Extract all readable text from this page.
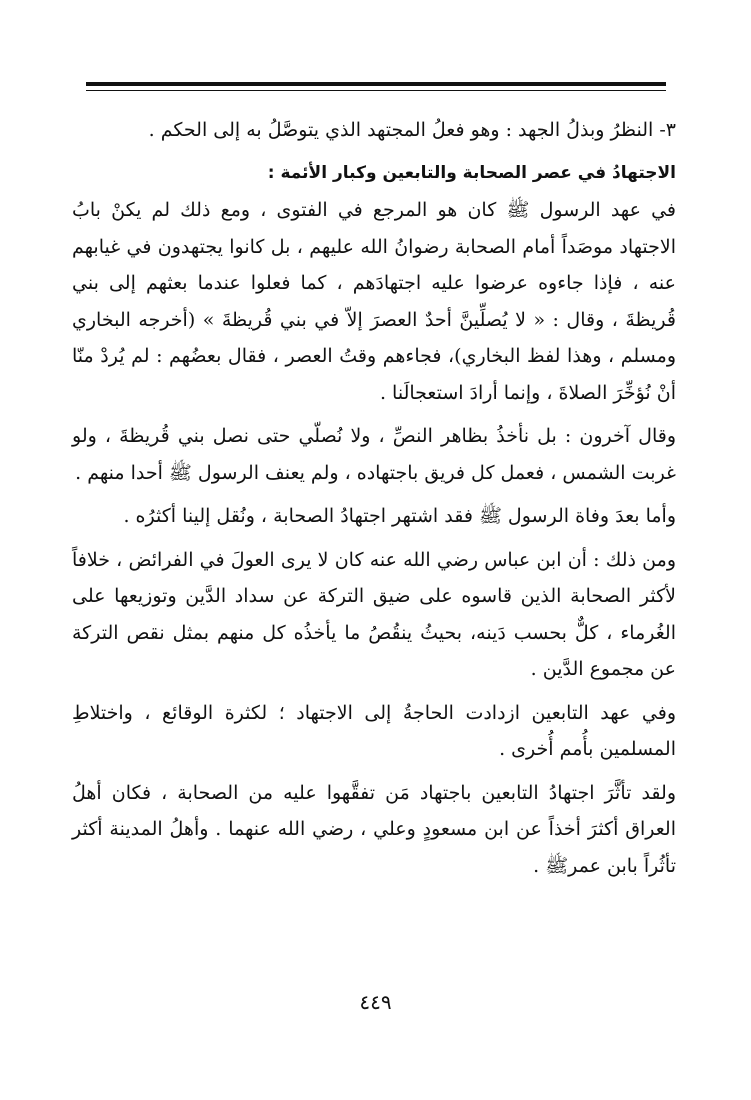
٣- النظرُ وبذلُ الجهد : وهو فعلُ المجتهد الذي يتوصَّلُ به إلى الحكم .

الاجتهادُ في عصر الصحابة والتابعين وكبار الأئمة :

في عهد الرسول ﷺ كان هو المرجع في الفتوى ، ومع ذلك لم يكنْ بابُ الاجتهاد موصَداً أمام الصحابة رضوانُ الله عليهم ، بل كانوا يجتهدون في غيابهم عنه ، فإذا جاءوه عرضوا عليه اجتهادَهم ، كما فعلوا عندما بعثهم إلى بني قُريظةَ ، وقال : « لا يُصلِّينَّ أحدٌ العصرَ إلاّ في بني قُريظةَ » (أخرجه البخاري ومسلم ، وهذا لفظ البخاري)، فجاءهم وقتُ العصر ، فقال بعضُهم : لم يُردْ منّا أنْ نُؤخِّرَ الصلاةَ ، وإنما أرادَ استعجالَنا .

وقال آخرون : بل نأخذُ بظاهر النصِّ ، ولا نُصلّي حتى نصل بني قُريظةَ ، ولو غربت الشمس ، فعمل كل فريق باجتهاده ، ولم يعنف الرسول ﷺ أحدا منهم .

وأما بعدَ وفاة الرسول ﷺ فقد اشتهر اجتهادُ الصحابة ، ونُقل إلينا أكثرُه .

ومن ذلك : أن ابن عباس رضي الله عنه كان لا يرى العولَ في الفرائض ، خلافاً لأكثر الصحابة الذين قاسوه على ضيق التركة عن سداد الدَّين وتوزيعها على الغُرماء ، كلٌّ بحسب دَينه، بحيثُ ينقُصُ ما يأخذُه كل منهم بمثل نقص التركة عن مجموع الدَّين .

وفي عهد التابعين ازدادت الحاجةُ إلى الاجتهاد ؛ لكثرة الوقائع ، واختلاطِ المسلمين بأُمم أُخرى .

ولقد تأثَّرَ اجتهادُ التابعين باجتهاد مَن تفقَّهوا عليه من الصحابة ، فكان أهلُ العراق أكثرَ أخذاً عن ابن مسعودٍ وعلي ، رضي الله عنهما . وأهلُ المدينة أكثر تأثُراً بابن عمرﷺ .

٤٤٩
